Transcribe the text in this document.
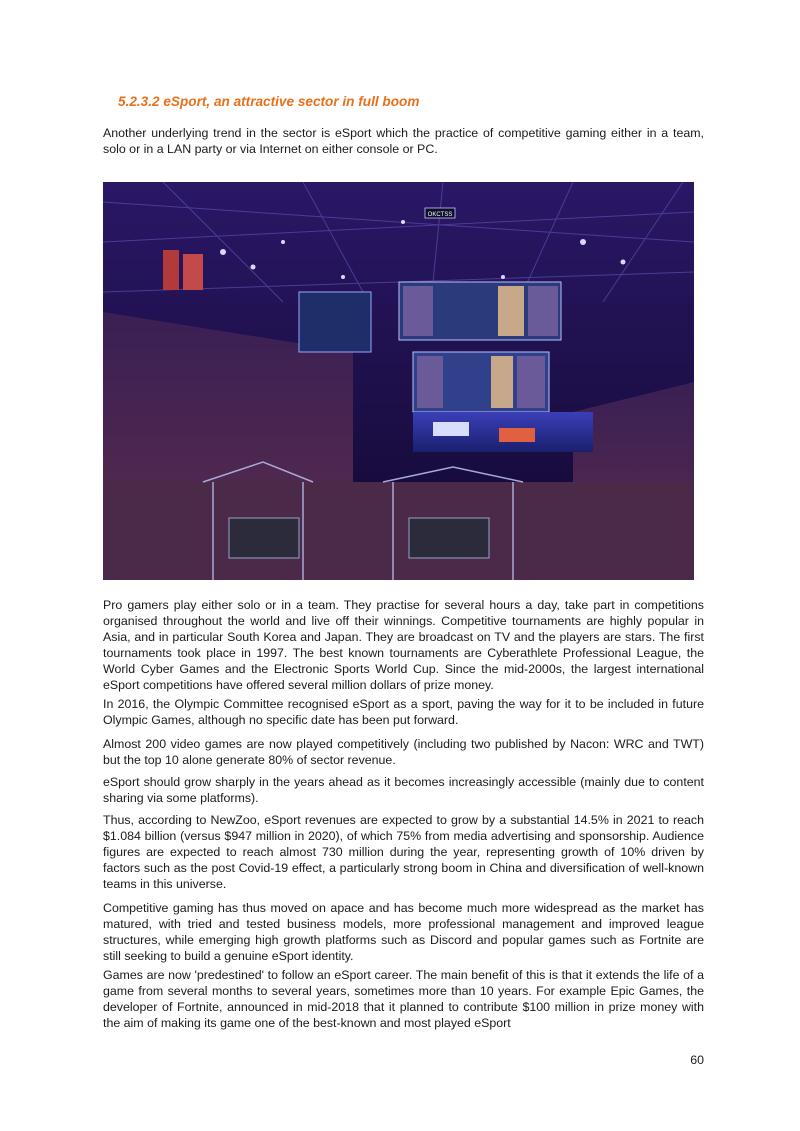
5.2.3.2 eSport, an attractive sector in full boom

Another underlying trend in the sector is eSport which the practice of competitive gaming either in a team, solo or in a LAN party or via Internet on either console or PC.

OKCTSS

Pro gamers play either solo or in a team. They practise for several hours a day, take part in competitions organised throughout the world and live off their winnings. Competitive tournaments are highly popular in Asia, and in particular South Korea and Japan. They are broadcast on TV and the players are stars. The first tournaments took place in 1997. The best known tournaments are Cyberathlete Professional League, the World Cyber Games and the Electronic Sports World Cup. Since the mid-2000s, the largest international eSport competitions have offered several million dollars of prize money.

In 2016, the Olympic Committee recognised eSport as a sport, paving the way for it to be included in future Olympic Games, although no specific date has been put forward.

Almost 200 video games are now played competitively (including two published by Nacon: WRC and TWT) but the top 10 alone generate 80% of sector revenue.

eSport should grow sharply in the years ahead as it becomes increasingly accessible (mainly due to content sharing via some platforms).

Thus, according to NewZoo, eSport revenues are expected to grow by a substantial 14.5% in 2021 to reach $1.084 billion (versus $947 million in 2020), of which 75% from media advertising and sponsorship. Audience figures are expected to reach almost 730 million during the year, representing growth of 10% driven by factors such as the post Covid-19 effect, a particularly strong boom in China and diversification of well-known teams in this universe.

Competitive gaming has thus moved on apace and has become much more widespread as the market has matured, with tried and tested business models, more professional management and improved league structures, while emerging high growth platforms such as Discord and popular games such as Fortnite are still seeking to build a genuine eSport identity.

Games are now 'predestined' to follow an eSport career. The main benefit of this is that it extends the life of a game from several months to several years, sometimes more than 10 years. For example Epic Games, the developer of Fortnite, announced in mid-2018 that it planned to contribute $100 million in prize money with the aim of making its game one of the best-known and most played eSport

60
